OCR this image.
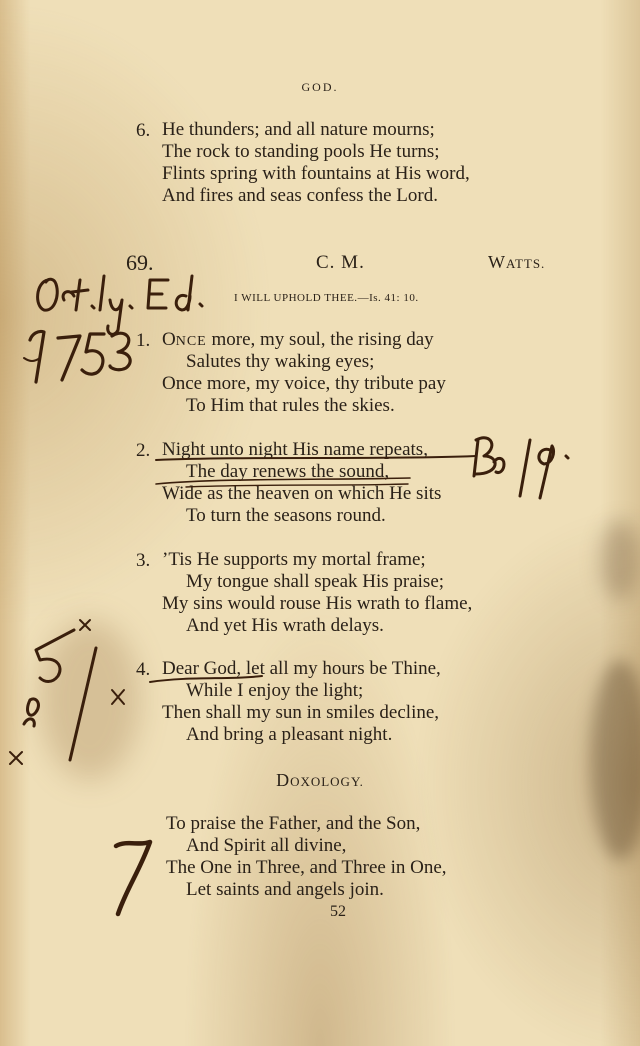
GOD.
6. He thunders; and all nature mourns;
The rock to standing pools He turns;
Flints spring with fountains at His word,
And fires and seas confess the Lord.
69.	C. M.	WATTS.
I WILL UPHOLD THEE.—Is. 41: 10.
1. ONCE more, my soul, the rising day
Salutes thy waking eyes;
Once more, my voice, thy tribute pay
To Him that rules the skies.
2. Night unto night His name repeats,
The day renews the sound,
Wide as the heaven on which He sits
To turn the seasons round.
3. ’Tis He supports my mortal frame;
My tongue shall speak His praise;
My sins would rouse His wrath to flame,
And yet His wrath delays.
4. Dear God, let all my hours be Thine,
While I enjoy the light;
Then shall my sun in smiles decline,
And bring a pleasant night.
DOXOLOGY.
To praise the Father, and the Son,
And Spirit all divine,
The One in Three, and Three in One,
Let saints and angels join.
52
